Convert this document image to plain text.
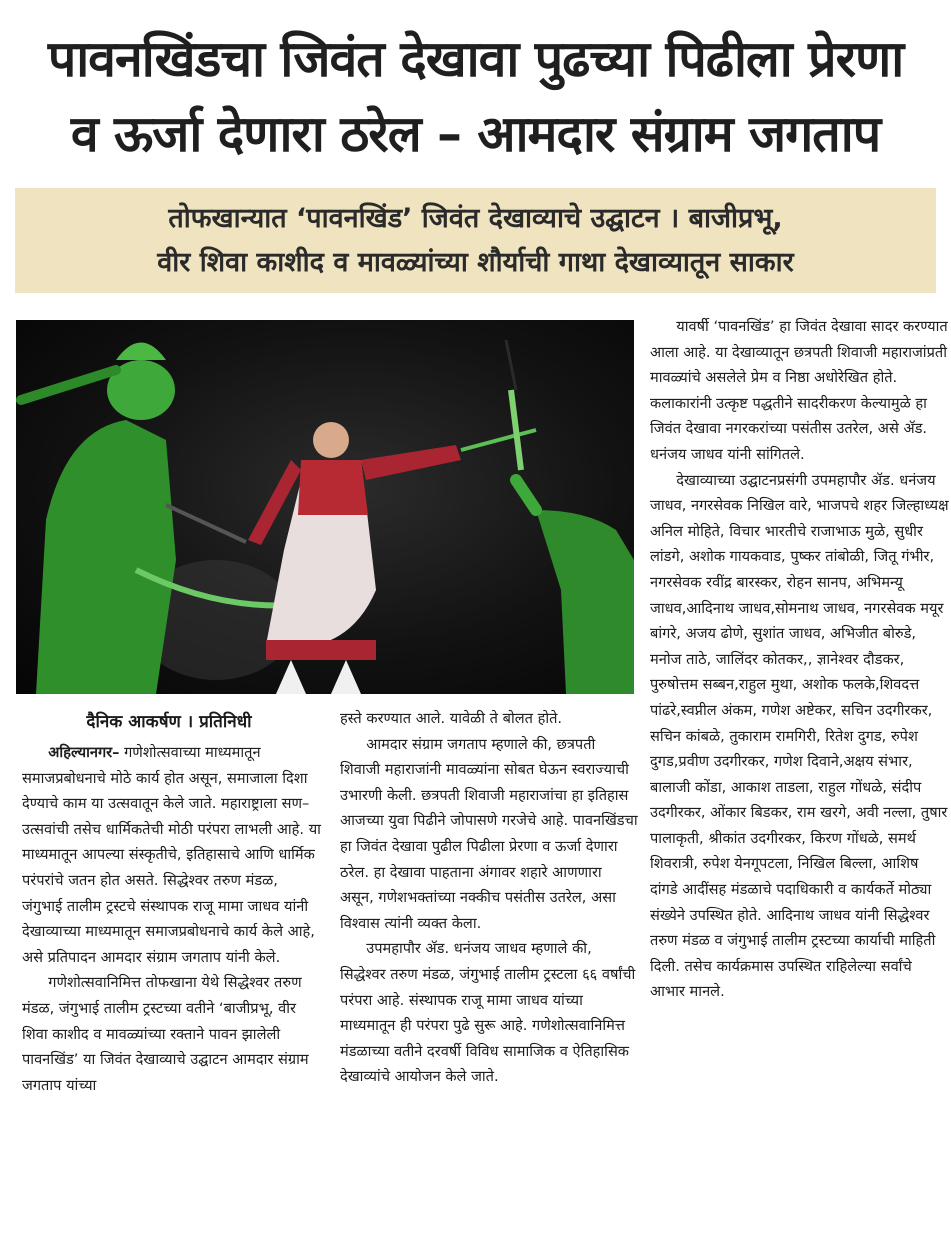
पावनखिंडचा जिवंत देखावा पुढच्या पिढीला प्रेरणा
व ऊर्जा देणारा ठरेल – आमदार संग्राम जगताप
तोफखान्यात ‘पावनखिंड’ जिवंत देखाव्याचे उद्घाटन । बाजीप्रभू,
वीर शिवा काशीद व मावळ्यांच्या शौर्याची गाथा देखाव्यातून साकार
दैनिक आकर्षण । प्रतिनिधी

अहिल्यानगर– गणेशोत्सवाच्या माध्यमातून समाजप्रबोधनाचे मोठे कार्य होत असून, समाजाला दिशा देण्याचे काम या उत्सवातून केले जाते. महाराष्ट्राला सण–उत्सवांची तसेच धार्मिकतेची मोठी परंपरा लाभली आहे. या माध्यमातून आपल्या संस्कृतीचे, इतिहासाचे आणि धार्मिक परंपरांचे जतन होत असते. सिद्धेश्वर तरुण मंडळ, जंगुभाई तालीम ट्रस्टचे संस्थापक राजू मामा जाधव यांनी देखाव्याच्या माध्यमातून समाजप्रबोधनाचे कार्य केले आहे, असे प्रतिपादन आमदार संग्राम जगताप यांनी केले.

गणेशोत्सवानिमित्त तोफखाना येथे सिद्धेश्वर तरुण मंडळ, जंगुभाई तालीम ट्रस्टच्या वतीने ‘बाजीप्रभू, वीर शिवा काशीद व मावळ्यांच्या रक्ताने पावन झालेली पावनखिंड’ या जिवंत देखाव्याचे उद्घाटन आमदार संग्राम जगताप यांच्या

हस्ते करण्यात आले. यावेळी ते बोलत होते.

आमदार संग्राम जगताप म्हणाले की, छत्रपती शिवाजी महाराजांनी मावळ्यांना सोबत घेऊन स्वराज्याची उभारणी केली. छत्रपती शिवाजी महाराजांचा हा इतिहास आजच्या युवा पिढीने जोपासणे गरजेचे आहे. पावनखिंडचा हा जिवंत देखावा पुढील पिढीला प्रेरणा व ऊर्जा देणारा ठरेल. हा देखावा पाहताना अंगावर शहारे आणणारा असून, गणेशभक्तांच्या नक्कीच पसंतीस उतरेल, असा विश्वास त्यांनी व्यक्त केला.

उपमहापौर ॲड. धनंजय जाधव म्हणाले की, सिद्धेश्वर तरुण मंडळ, जंगुभाई तालीम ट्रस्टला ६६ वर्षांची परंपरा आहे. संस्थापक राजू मामा जाधव यांच्या माध्यमातून ही परंपरा पुढे सुरू आहे. गणेशोत्सवानिमित्त मंडळाच्या वतीने दरवर्षी विविध सामाजिक व ऐतिहासिक देखाव्यांचे आयोजन केले जाते.

यावर्षी ‘पावनखिंड’ हा जिवंत देखावा सादर करण्यात आला आहे. या देखाव्यातून छत्रपती शिवाजी महाराजांप्रती मावळ्यांचे असलेले प्रेम व निष्ठा अधोरेखित होते. कलाकारांनी उत्कृष्ट पद्धतीने सादरीकरण केल्यामुळे हा जिवंत देखावा नगरकरांच्या पसंतीस उतरेल, असे ॲड. धनंजय जाधव यांनी सांगितले.

देखाव्याच्या उद्घाटनप्रसंगी उपमहापौर ॲड. धनंजय जाधव, नगरसेवक निखिल वारे, भाजपचे शहर जिल्हाध्यक्ष अनिल मोहिते, विचार भारतीचे राजाभाऊ मुळे, सुधीर लांडगे, अशोक गायकवाड, पुष्कर तांबोळी, जितू गंभीर, नगरसेवक रवींद्र बारस्कर, रोहन सानप, अभिमन्यू जाधव,आदिनाथ जाधव,सोमनाथ जाधव, नगरसेवक मयूर बांगरे, अजय ढोणे, सुशांत जाधव, अभिजीत बोरुडे, मनोज ताठे, जालिंदर कोतकर,, ज्ञानेश्वर दौडकर, पुरुषोत्तम सब्बन,राहुल मुथा, अशोक फलके,शिवदत्त पांढरे,स्वप्नील अंकम, गणेश अष्टेकर, सचिन उदगीरकर, सचिन कांबळे, तुकाराम रामगिरी, रितेश दुगड, रुपेश दुगड,प्रवीण उदगीरकर, गणेश दिवाने,अक्षय संभार, बालाजी कोंडा, आकाश ताडला, राहुल गोंधळे, संदीप उदगीरकर, ओंकार बिडकर, राम खरगे, अवी नल्ला, तुषार पालाकृती, श्रीकांत उदगीरकर, किरण गोंधळे, समर्थ शिवरात्री, रुपेश येनगूपटला, निखिल बिल्ला, आशिष दांगडे आदींसह मंडळाचे पदाधिकारी व कार्यकर्ते मोठ्या संख्येने उपस्थित होते. आदिनाथ जाधव यांनी सिद्धेश्वर तरुण मंडळ व जंगुभाई तालीम ट्रस्टच्या कार्याची माहिती दिली. तसेच कार्यक्रमास उपस्थित राहिलेल्या सर्वांचे आभार मानले.
